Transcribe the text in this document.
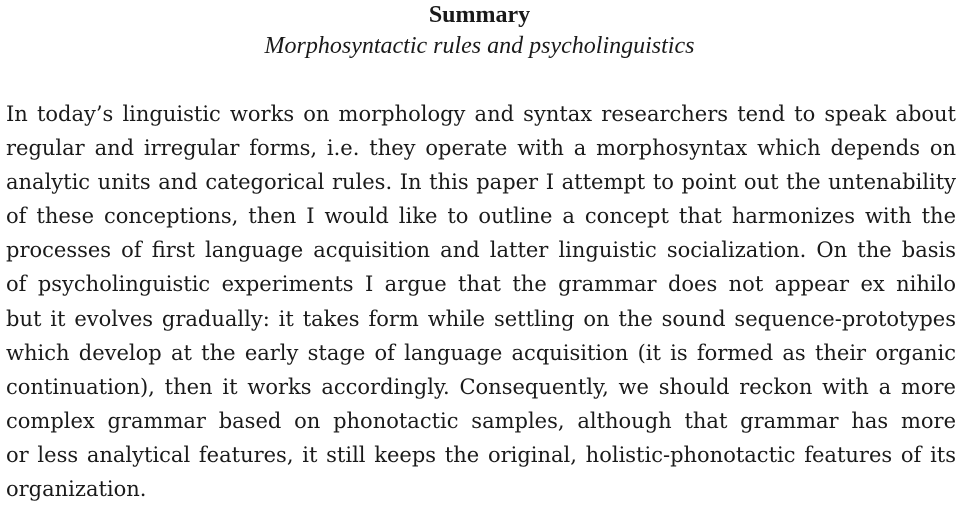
Summary
Morphosyntactic rules and psycholinguistics
In today’s linguistic works on morphology and syntax researchers tend to speak about
regular and irregular forms, i.e. they operate with a morphosyntax which depends on
analytic units and categorical rules. In this paper I attempt to point out the untenability
of these conceptions, then I would like to outline a concept that harmonizes with the
processes of first language acquisition and latter linguistic socialization. On the basis
of psycholinguistic experiments I argue that the grammar does not appear ex nihilo
but it evolves gradually: it takes form while settling on the sound sequence-prototypes
which develop at the early stage of language acquisition (it is formed as their organic
continuation), then it works accordingly. Consequently, we should reckon with a more
complex grammar based on phonotactic samples, although that grammar has more
or less analytical features, it still keeps the original, holistic-phonotactic features of its
organization.
